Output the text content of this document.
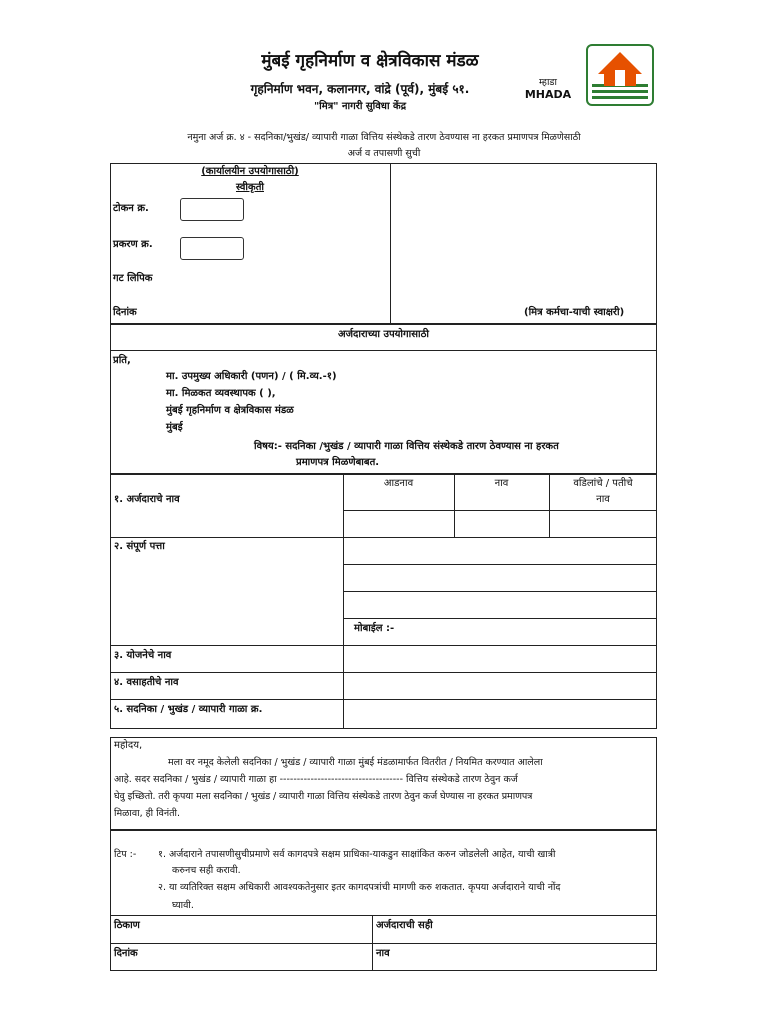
मुंबई गृहनिर्माण व क्षेत्रविकास मंडळ
गृहनिर्माण भवन, कलानगर, वांद्रे (पूर्व), मुंबई ५१.
"मित्र" नागरी सुविधा केंद्र
म्हाडा
MHADA
नमुना अर्ज क्र. ४ - सदनिका/भुखंड/ व्यापारी गाळा वित्तिय संस्थेकडे तारण ठेवण्यास ना हरकत प्रमाणपत्र मिळणेसाठी
अर्ज व तपासणी सुची
(कार्यालयीन उपयोगासाठी)
स्वीकृती
टोकन क्र.
प्रकरण क्र.
गट लिपिक
दिनांक	(मित्र कर्मचा-याची स्वाक्षरी)
अर्जदाराच्या उपयोगासाठी
प्रति,
मा. उपमुख्य अधिकारी (पणन) / ( मि.व्य.-१)
मा. मिळकत व्यवस्थापक ( ),
मुंबई गृहनिर्माण व क्षेत्रविकास मंडळ
मुंबई
विषय:- सदनिका /भुखंड / व्यापारी गाळा वित्तिय संस्थेकडे तारण ठेवण्यास ना हरकत
प्रमाणपत्र मिळणेबाबत.
१. अर्जदाराचे नाव
आडनाव	नाव	वडिलांचे / पतीचे
नाव
२. संपूर्ण पत्ता
मोबाईल :-
३. योजनेचे नाव
४. वसाहतीचे नाव
५. सदनिका / भुखंड / व्यापारी गाळा क्र.
महोदय,
मला वर नमूद केलेली सदनिका / भुखंड / व्यापारी गाळा मुंबई मंडळामार्फत वितरीत / नियमित करण्यात आलेला
आहे. सदर सदनिका / भुखंड / व्यापारी गाळा हा ------------------------------------ वित्तिय संस्थेकडे तारण ठेवुन कर्ज
घेवु इच्छितो. तरी कृपया मला सदनिका / भुखंड / व्यापारी गाळा वित्तिय संस्थेकडे तारण ठेवुन कर्ज घेण्यास ना हरकत प्रमाणपत्र
मिळावा, ही विनंती.
टिप :- १. अर्जदाराने तपासणीसुचीप्रमाणे सर्व कागदपत्रे सक्षम प्राधिका-याकडुन साक्षांकित करुन जोडलेली आहेत, याची खात्री
करुनच सही करावी.
२. या व्यतिरिक्त सक्षम अधिकारी आवश्यकतेनुसार इतर कागदपत्रांची मागणी करु शकतात. कृपया अर्जदाराने याची नोंद
घ्यावी.
ठिकाण	अर्जदाराची सही
दिनांक	नाव
